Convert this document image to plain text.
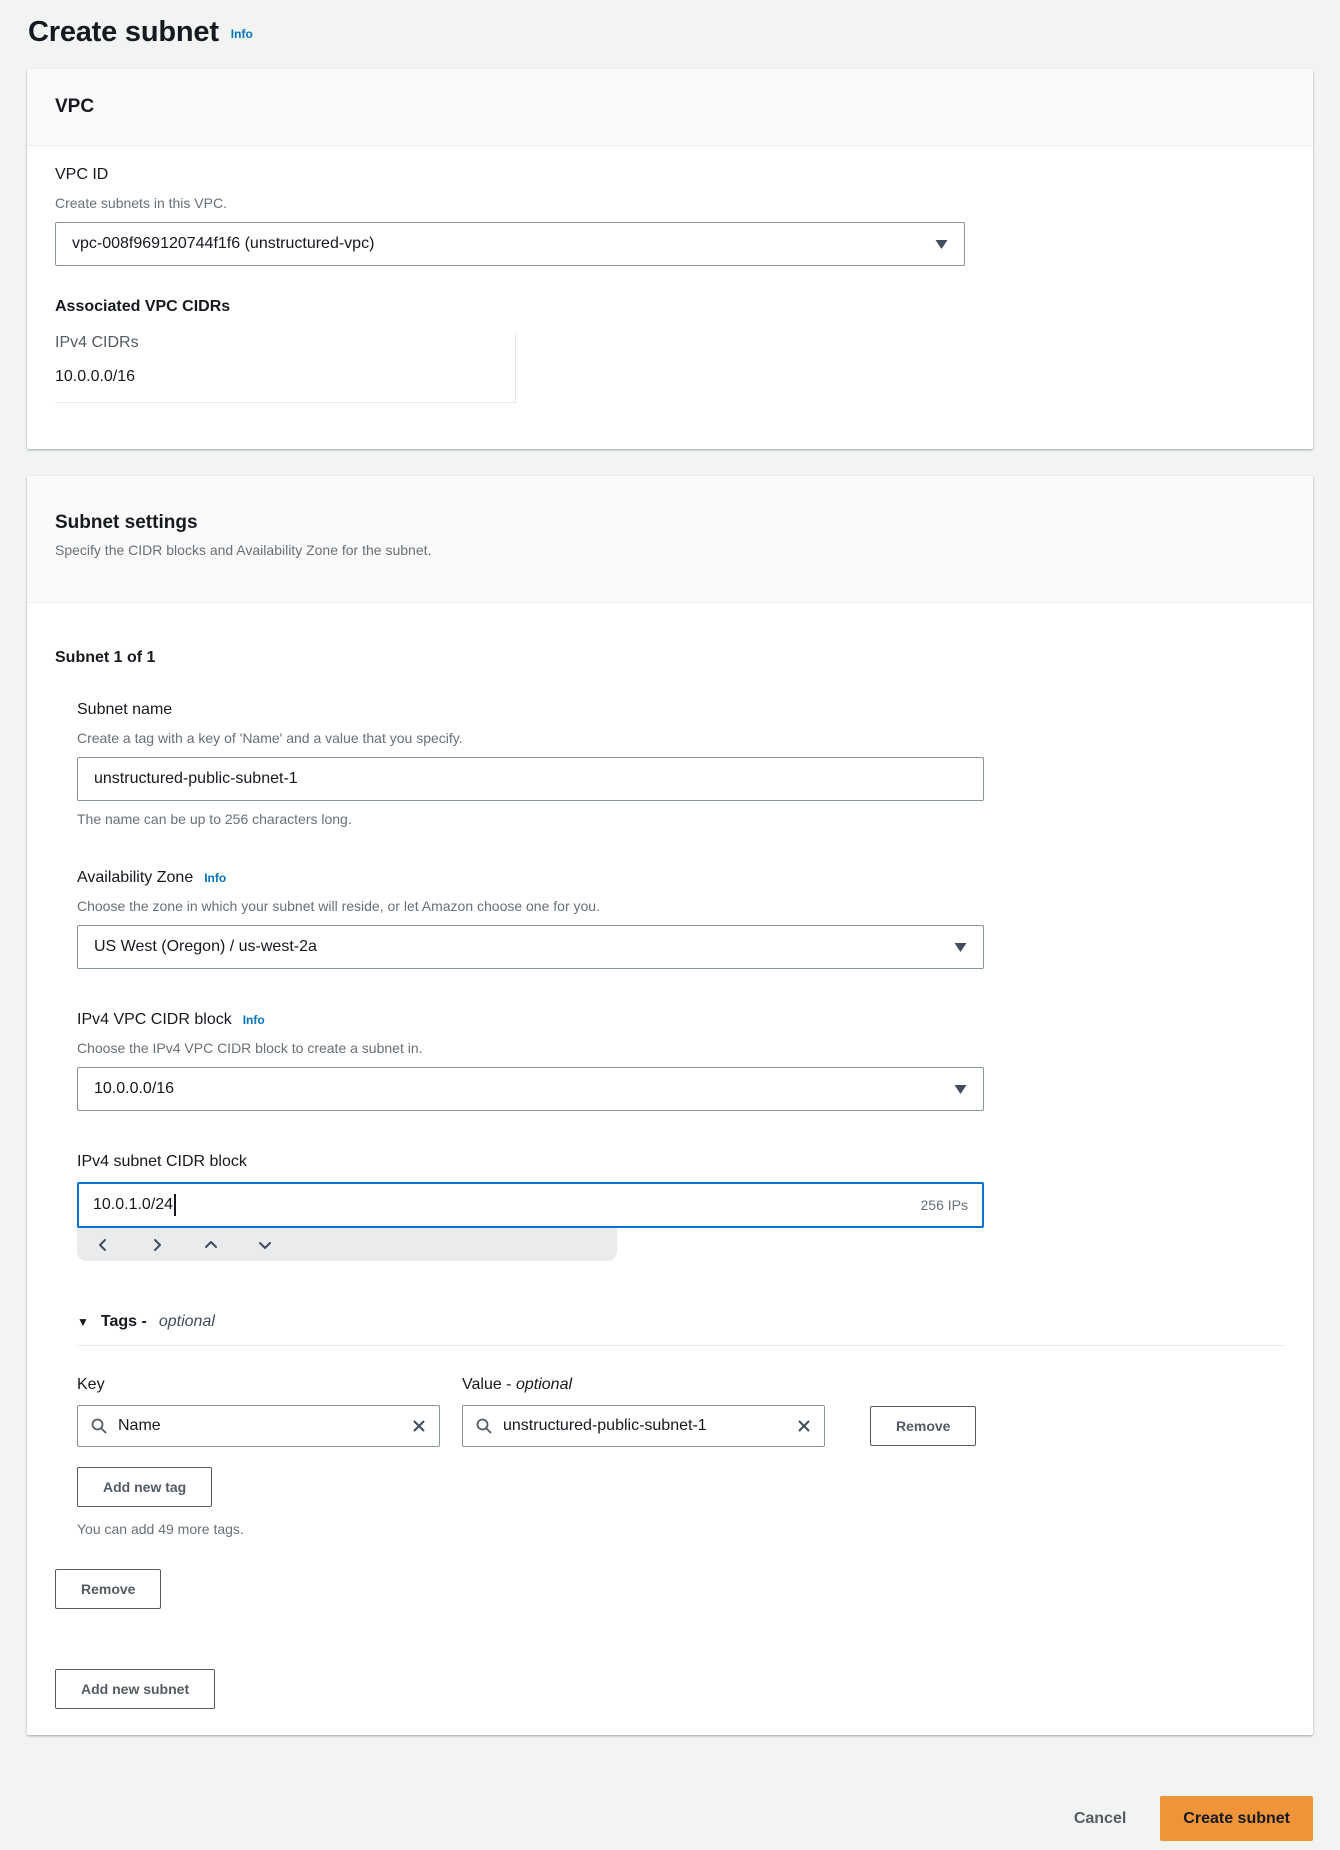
Create subnet Info
VPC
VPC ID
Create subnets in this VPC.
vpc-008f969120744f1f6 (unstructured-vpc)
Associated VPC CIDRs
IPv4 CIDRs
10.0.0.0/16
Subnet settings
Specify the CIDR blocks and Availability Zone for the subnet.
Subnet 1 of 1
Subnet name
Create a tag with a key of 'Name' and a value that you specify.
unstructured-public-subnet-1
The name can be up to 256 characters long.
Availability Zone Info
Choose the zone in which your subnet will reside, or let Amazon choose one for you.
US West (Oregon) / us-west-2a
IPv4 VPC CIDR block Info
Choose the IPv4 VPC CIDR block to create a subnet in.
10.0.0.0/16
IPv4 subnet CIDR block
10.0.1.0/24	256 IPs
▼ Tags - optional
Key
Name
Value - optional
unstructured-public-subnet-1	Remove
Add new tag
You can add 49 more tags.
Remove
Add new subnet
Cancel	Create subnet
